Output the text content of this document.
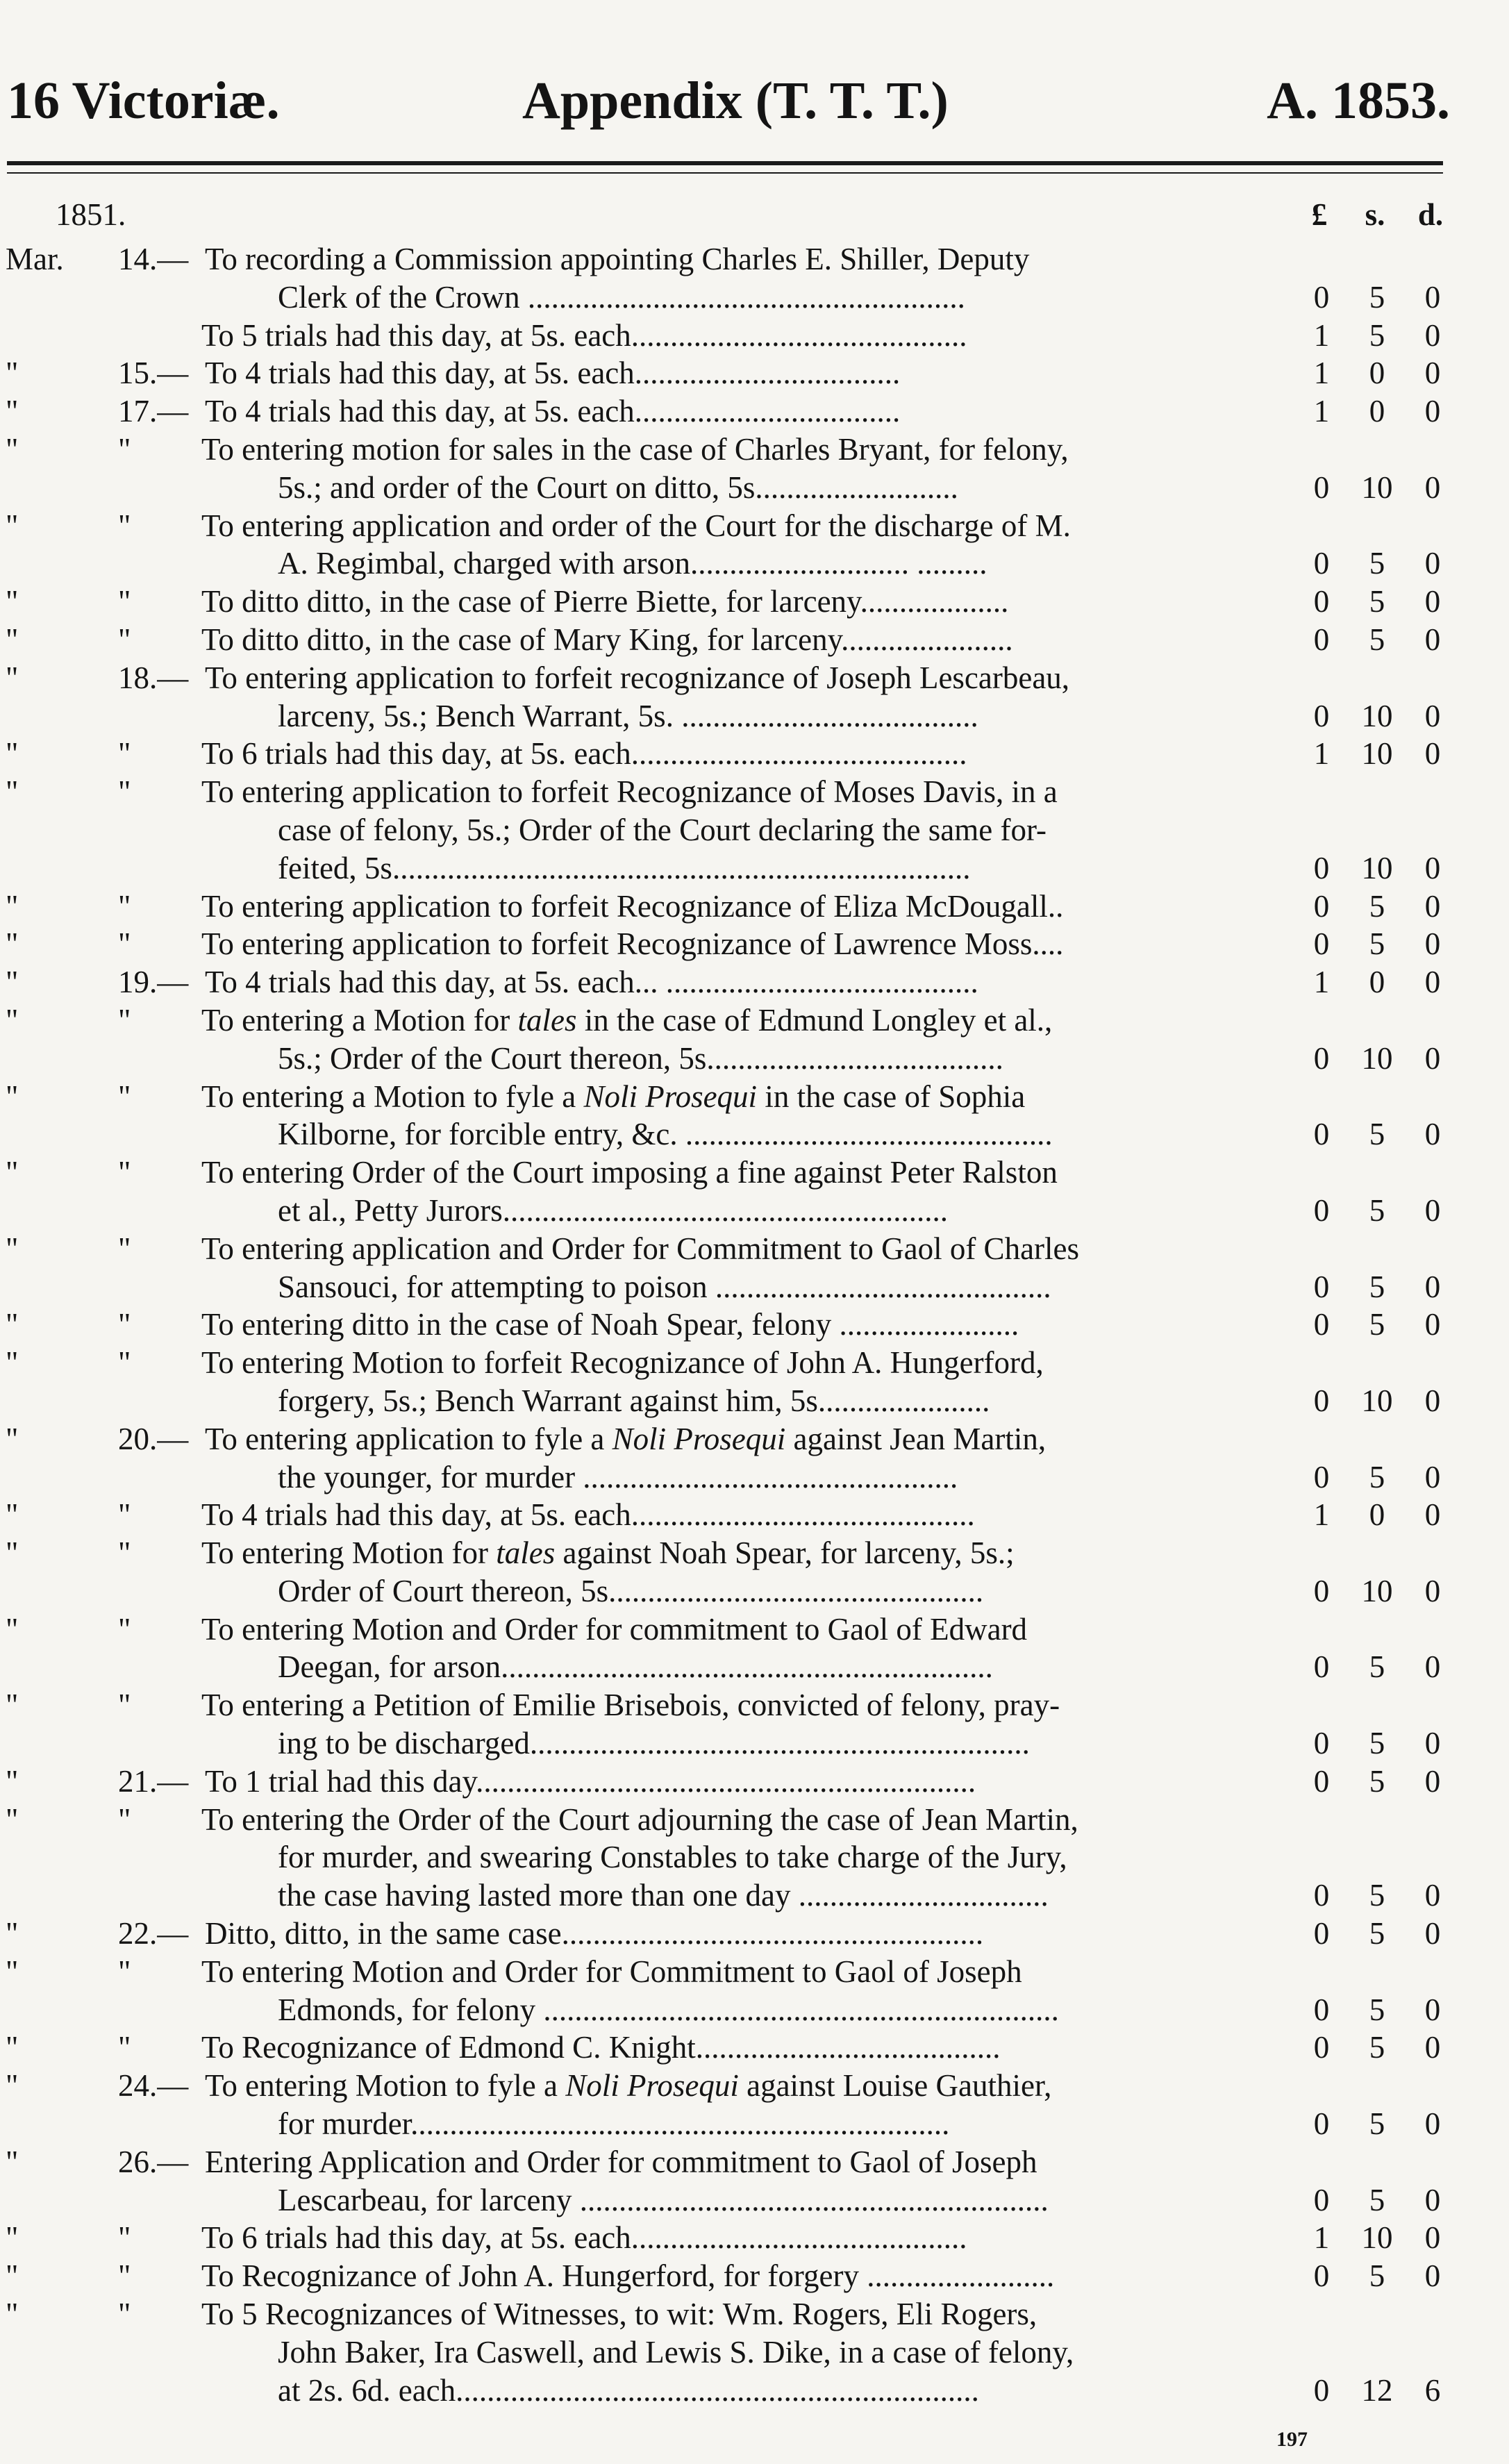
16 Victoriæ.	Appendix (T. T. T.)	A. 1853.
1851.	£	s.	d.
Mar. 14.— To recording a Commission appointing Charles E. Shiller, Deputy
Clerk of the Crown ........................................................	0	5	0
To 5 trials had this day, at 5s. each...........................................	1	5	0
"	15.— To 4 trials had this day, at 5s. each..................................	1	0	0
"	17.— To 4 trials had this day, at 5s. each..................................	1	0	0
"	" To entering motion for sales in the case of Charles Bryant, for felony,
5s.; and order of the Court on ditto, 5s..........................	0	10	0
"	" To entering application and order of the Court for the discharge of M.
A. Regimbal, charged with arson............................ .........	0	5	0
"	" To ditto ditto, in the case of Pierre Biette, for larceny...................	0	5	0
"	" To ditto ditto, in the case of Mary King, for larceny......................	0	5	0
"	18.— To entering application to forfeit recognizance of Joseph Lescarbeau,
larceny, 5s.; Bench Warrant, 5s. ......................................	0	10	0
"	" To 6 trials had this day, at 5s. each...........................................	1	10	0
"	" To entering application to forfeit Recognizance of Moses Davis, in a
case of felony, 5s.; Order of the Court declaring the same for-
feited, 5s..........................................................................	0	10	0
"	" To entering application to forfeit Recognizance of Eliza McDougall..	0	5	0
"	" To entering application to forfeit Recognizance of Lawrence Moss....	0	5	0
"	19.— To 4 trials had this day, at 5s. each... ........................................	1	0	0
"	" To entering a Motion for tales in the case of Edmund Longley et al.,
5s.; Order of the Court thereon, 5s......................................	0	10	0
"	" To entering a Motion to fyle a Noli Prosequi in the case of Sophia
Kilborne, for forcible entry, &c. ...............................................	0	5	0
"	" To entering Order of the Court imposing a fine against Peter Ralston
et al., Petty Jurors.........................................................	0	5	0
"	" To entering application and Order for Commitment to Gaol of Charles
Sansouci, for attempting to poison ...........................................	0	5	0
"	" To entering ditto in the case of Noah Spear, felony .......................	0	5	0
"	" To entering Motion to forfeit Recognizance of John A. Hungerford,
forgery, 5s.; Bench Warrant against him, 5s......................	0	10	0
"	20.— To entering application to fyle a Noli Prosequi against Jean Martin,
the younger, for murder ................................................	0	5	0
"	" To 4 trials had this day, at 5s. each............................................	1	0	0
"	" To entering Motion for tales against Noah Spear, for larceny, 5s.;
Order of Court thereon, 5s................................................	0	10	0
"	" To entering Motion and Order for commitment to Gaol of Edward
Deegan, for arson...............................................................	0	5	0
"	" To entering a Petition of Emilie Brisebois, convicted of felony, pray-
ing to be discharged................................................................	0	5	0
"	21.— To 1 trial had this day................................................................	0	5	0
"	" To entering the Order of the Court adjourning the case of Jean Martin,
for murder, and swearing Constables to take charge of the Jury,
the case having lasted more than one day ................................	0	5	0
"	22.— Ditto, ditto, in the same case......................................................	0	5	0
"	" To entering Motion and Order for Commitment to Gaol of Joseph
Edmonds, for felony ..................................................................	0	5	0
"	" To Recognizance of Edmond C. Knight.......................................	0	5	0
"	24.— To entering Motion to fyle a Noli Prosequi against Louise Gauthier,
for murder.....................................................................	0	5	0
"	26.— Entering Application and Order for commitment to Gaol of Joseph
Lescarbeau, for larceny ............................................................	0	5	0
"	" To 6 trials had this day, at 5s. each...........................................	1	10	0
"	" To Recognizance of John A. Hungerford, for forgery ........................	0	5	0
"	" To 5 Recognizances of Witnesses, to wit: Wm. Rogers, Eli Rogers,
John Baker, Ira Caswell, and Lewis S. Dike, in a case of felony,
at 2s. 6d. each...................................................................	0	12	6
197
